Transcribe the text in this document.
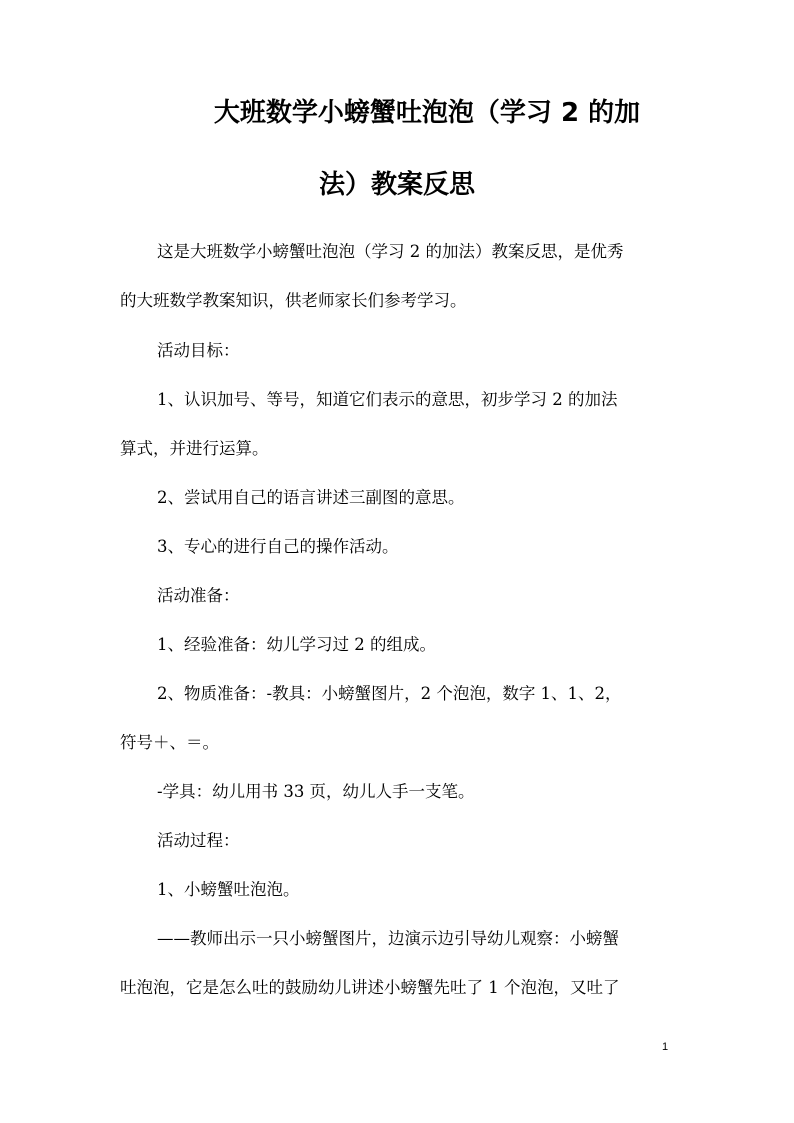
大班数学小螃蟹吐泡泡（学习 2 的加
法）教案反思
这是大班数学小螃蟹吐泡泡（学习 2 的加法）教案反思，是优秀
的大班数学教案知识，供老师家长们参考学习。
活动目标：
1、认识加号、等号，知道它们表示的意思，初步学习 2 的加法
算式，并进行运算。
2、尝试用自己的语言讲述三副图的意思。
3、专心的进行自己的操作活动。
活动准备：
1、经验准备：幼儿学习过 2 的组成。
2、物质准备：-教具：小螃蟹图片，2 个泡泡，数字 1、1、2，
符号＋、＝。
-学具：幼儿用书 33 页，幼儿人手一支笔。
活动过程：
1、小螃蟹吐泡泡。
——教师出示一只小螃蟹图片，边演示边引导幼儿观察：小螃蟹
吐泡泡，它是怎么吐的鼓励幼儿讲述小螃蟹先吐了 1 个泡泡，又吐了
1
